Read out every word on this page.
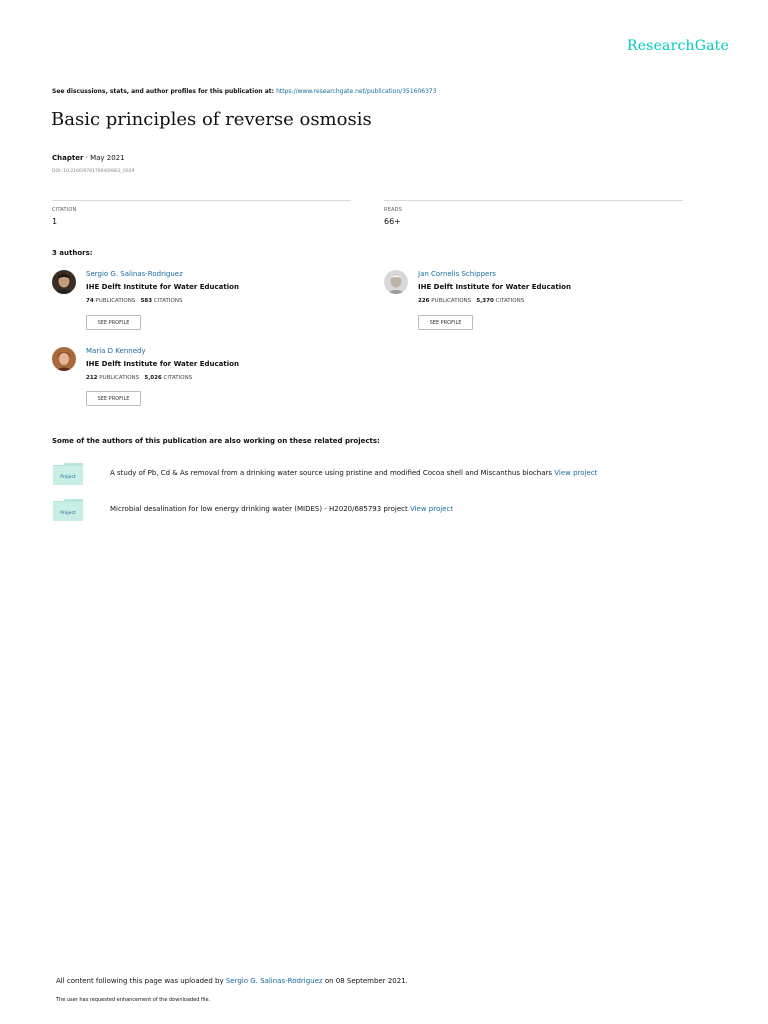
ResearchGate
See discussions, stats, and author profiles for this publication at: https://www.researchgate.net/publication/351606373
Basic principles of reverse osmosis
Chapter · May 2021
DOI: 10.2166/9781789409863_0029
CITATION
1
READS
66+
3 authors:
Sergio G. Salinas-Rodriguez
IHE Delft Institute for Water Education
74 PUBLICATIONS 583 CITATIONS
SEE PROFILE
Jan Cornelis Schippers
IHE Delft Institute for Water Education
226 PUBLICATIONS 5,370 CITATIONS
SEE PROFILE
Maria D Kennedy
IHE Delft Institute for Water Education
212 PUBLICATIONS 5,026 CITATIONS
SEE PROFILE
Some of the authors of this publication are also working on these related projects:
Project
A study of Pb, Cd & As removal from a drinking water source using pristine and modified Cocoa shell and Miscanthus biochars View project
Project
Microbial desalination for low energy drinking water (MIDES) - H2020/685793 project View project
All content following this page was uploaded by Sergio G. Salinas-Rodriguez on 08 September 2021.
The user has requested enhancement of the downloaded file.
